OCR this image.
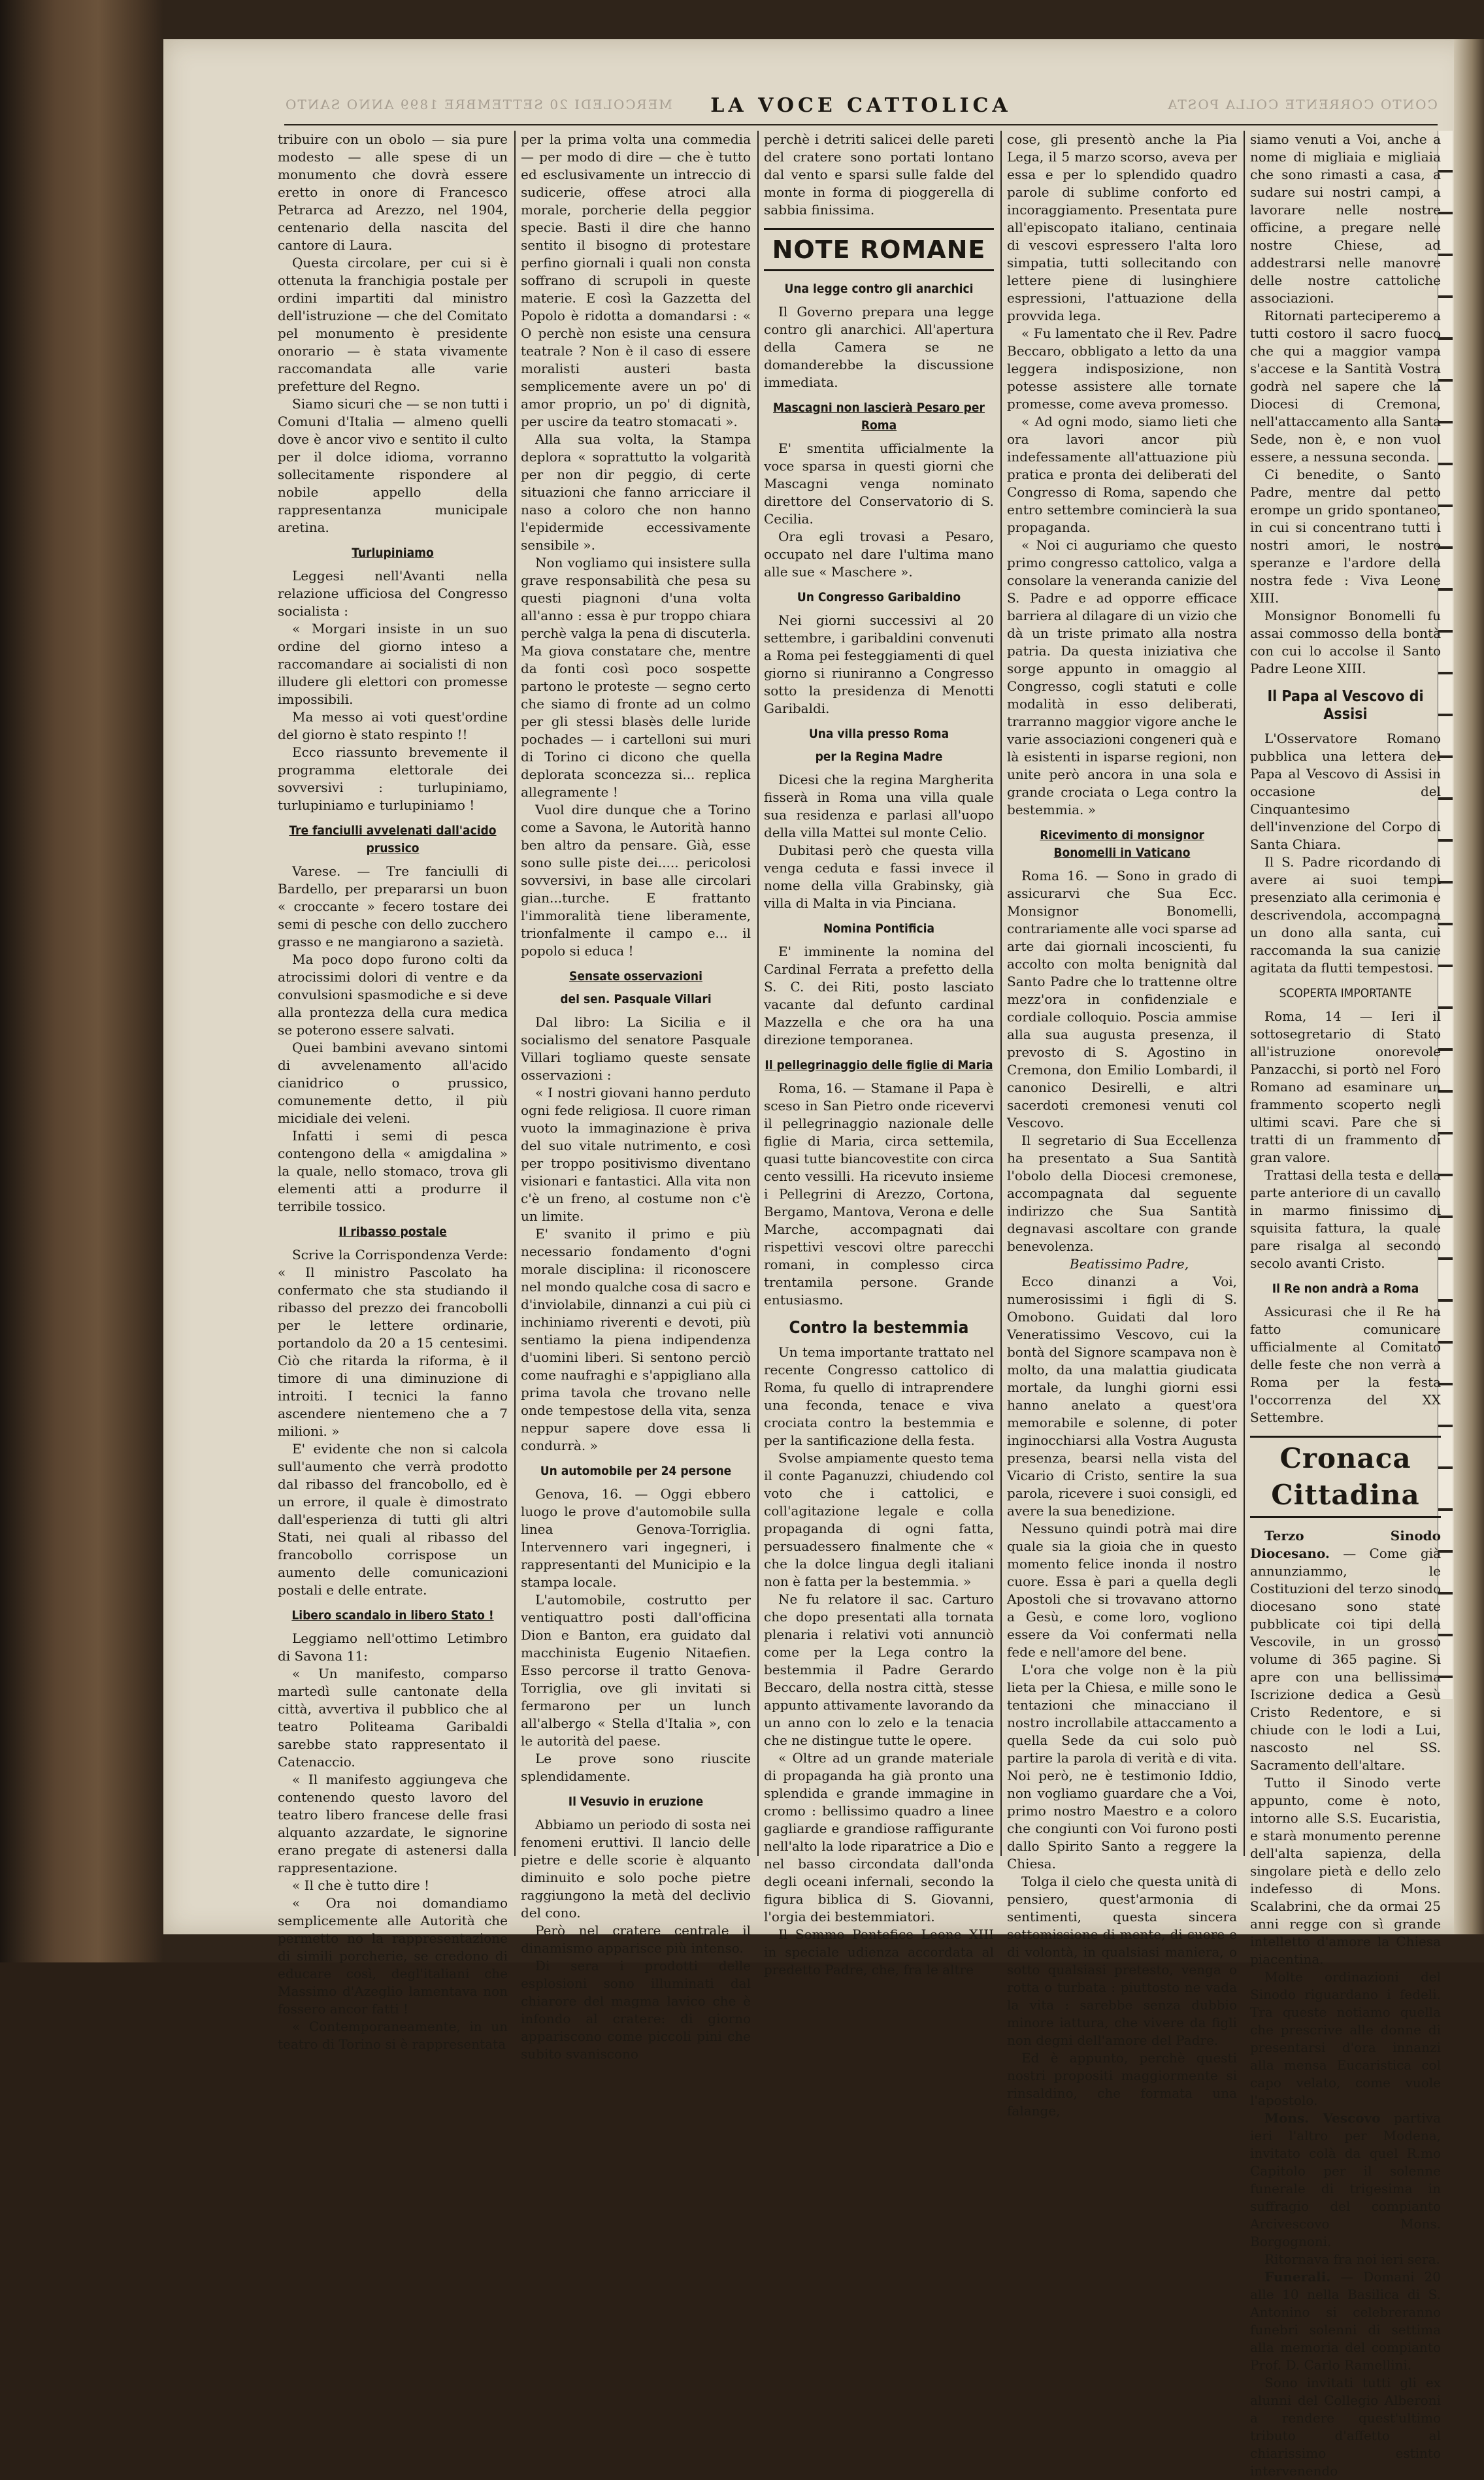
MERCOLEDI 20 SETTEMBRE 1899 ANNO SANTO	LA VOCE CATTOLICA	CONTO CORRENTE COLLA POSTA

tribuire con un obolo — sia pure modesto — alle spese di un monumento che dovrà essere eretto in onore di Francesco Petrarca ad Arezzo, nel 1904, centenario della nascita del cantore di Laura.

Questa circolare, per cui si è ottenuta la franchigia postale per ordini impartiti dal ministro dell'istruzione — che del Comitato pel monumento è presidente onorario — è stata vivamente raccomandata alle varie prefetture del Regno.

Siamo sicuri che — se non tutti i Comuni d'Italia — almeno quelli dove è ancor vivo e sentito il culto per il dolce idioma, vorranno sollecitamente rispondere al nobile appello della rappresentanza municipale aretina.

Turlupiniamo

Leggesi nell'Avanti nella relazione ufficiosa del Congresso socialista :

« Morgari insiste in un suo ordine del giorno inteso a raccomandare ai socialisti di non illudere gli elettori con promesse impossibili.

Ma messo ai voti quest'ordine del giorno è stato respinto !!

Ecco riassunto brevemente il programma elettorale dei sovversivi : turlupiniamo, turlupiniamo e turlupiniamo !

Tre fanciulli avvelenati dall'acido prussico

Varese. — Tre fanciulli di Bardello, per prepararsi un buon « croccante » fecero tostare dei semi di pesche con dello zucchero grasso e ne mangiarono a sazietà.

Ma poco dopo furono colti da atrocissimi dolori di ventre e da convulsioni spasmodiche e si deve alla prontezza della cura medica se poterono essere salvati.

Quei bambini avevano sintomi di avvelenamento all'acido cianidrico o prussico, comunemente detto, il più micidiale dei veleni.

Infatti i semi di pesca contengono della « amigdalina » la quale, nello stomaco, trova gli elementi atti a produrre il terribile tossico.

Il ribasso postale

Scrive la Corrispondenza Verde: « Il ministro Pascolato ha confermato che sta studiando il ribasso del prezzo dei francobolli per le lettere ordinarie, portandolo da 20 a 15 centesimi. Ciò che ritarda la riforma, è il timore di una diminuzione di introiti. I tecnici la fanno ascendere nientemeno che a 7 milioni. »

E' evidente che non si calcola sull'aumento che verrà prodotto dal ribasso del francobollo, ed è un errore, il quale è dimostrato dall'esperienza di tutti gli altri Stati, nei quali al ribasso del francobollo corrispose un aumento delle comunicazioni postali e delle entrate.

Libero scandalo in libero Stato !

Leggiamo nell'ottimo Letimbro di Savona 11:

« Un manifesto, comparso martedì sulle cantonate della città, avvertiva il pubblico che al teatro Politeama Garibaldi sarebbe stato rappresentato il Catenaccio.

« Il manifesto aggiungeva che contenendo questo lavoro del teatro libero francese delle frasi alquanto azzardate, le signorine erano pregate di astenersi dalla rappresentazione.

« Il che è tutto dire !

« Ora noi domandiamo semplicemente alle Autorità che permetto no la rappresentazione di simili porcherie, se credono di educare così, degl'italiani che Massimo d'Azeglio lamentava non fossero ancor fatti !

« Contemporaneamente, in un teatro di Torino si è rappresentata

per la prima volta una commedia — per modo di dire — che è tutto ed esclusivamente un intreccio di sudicerie, offese atroci alla morale, porcherie della peggior specie. Basti il dire che hanno sentito il bisogno di protestare perfino giornali i quali non consta soffrano di scrupoli in queste materie. E così la Gazzetta del Popolo è ridotta a domandarsi : « O perchè non esiste una censura teatrale ? Non è il caso di essere moralisti austeri basta semplicemente avere un po' di amor proprio, un po' di dignità, per uscire da teatro stomacati ».

Alla sua volta, la Stampa deplora « soprattutto la volgarità per non dir peggio, di certe situazioni che fanno arricciare il naso a coloro che non hanno l'epidermide eccessivamente sensibile ».

Non vogliamo qui insistere sulla grave responsabilità che pesa su questi piagnoni d'una volta all'anno : essa è pur troppo chiara perchè valga la pena di discuterla. Ma giova constatare che, mentre da fonti così poco sospette partono le proteste — segno certo che siamo di fronte ad un colmo per gli stessi blasès delle luride pochades — i cartelloni sui muri di Torino ci dicono che quella deplorata sconcezza si... replica allegramente !

Vuol dire dunque che a Torino come a Savona, le Autorità hanno ben altro da pensare. Già, esse sono sulle piste dei..... pericolosi sovversivi, in base alle circolari gian...turche. E frattanto l'immoralità tiene liberamente, trionfalmente il campo e... il popolo si educa !

Sensate osservazioni
del sen. Pasquale Villari

Dal libro: La Sicilia e il socialismo del senatore Pasquale Villari togliamo queste sensate osservazioni :

« I nostri giovani hanno perduto ogni fede religiosa. Il cuore riman vuoto la immaginazione è priva del suo vitale nutrimento, e così per troppo positivismo diventano visionari e fantastici. Alla vita non c'è un freno, al costume non c'è un limite.

E' svanito il primo e più necessario fondamento d'ogni morale disciplina: il riconoscere nel mondo qualche cosa di sacro e d'inviolabile, dinnanzi a cui più ci inchiniamo riverenti e devoti, più sentiamo la piena indipendenza d'uomini liberi. Si sentono perciò come naufraghi e s'appigliano alla prima tavola che trovano nelle onde tempestose della vita, senza neppur sapere dove essa li condurrà. »

Un automobile per 24 persone

Genova, 16. — Oggi ebbero luogo le prove d'automobile sulla linea Genova-Torriglia. Intervennero vari ingegneri, i rappresentanti del Municipio e la stampa locale.

L'automobile, costrutto per ventiquattro posti dall'officina Dion e Banton, era guidato dal macchinista Eugenio Nitaefien. Esso percorse il tratto Genova-Torriglia, ove gli invitati si fermarono per un lunch all'albergo « Stella d'Italia », con le autorità del paese.

Le prove sono riuscite splendidamente.

Il Vesuvio in eruzione

Abbiamo un periodo di sosta nei fenomeni eruttivi. Il lancio delle pietre e delle scorie è alquanto diminuito e solo poche pietre raggiungono la metà del declivio del cono.

Però nel cratere centrale il dinamismo apparisce più intenso.

Di sera i prodotti delle esplosioni sono illuminati dal chiarore del magma lavico che è infondo al cratere: di giorno appariscono come piccoli pini che subito svaniscono

perchè i detriti salicei delle pareti del cratere sono portati lontano dal vento e sparsi sulle falde del monte in forma di pioggerella di sabbia finissima.

NOTE ROMANE
Una legge contro gli anarchici

Il Governo prepara una legge contro gli anarchici. All'apertura della Camera se ne domanderebbe la discussione immediata.

Mascagni non lascierà Pesaro per Roma

E' smentita ufficialmente la voce sparsa in questi giorni che Mascagni venga nominato direttore del Conservatorio di S. Cecilia.

Ora egli trovasi a Pesaro, occupato nel dare l'ultima mano alle sue « Maschere ».

Un Congresso Garibaldino

Nei giorni successivi al 20 settembre, i garibaldini convenuti a Roma pei festeggiamenti di quel giorno si riuniranno a Congresso sotto la presidenza di Menotti Garibaldi.

Una villa presso Roma
per la Regina Madre

Dicesi che la regina Margherita fisserà in Roma una villa quale sua residenza e parlasi all'uopo della villa Mattei sul monte Celio.

Dubitasi però che questa villa venga ceduta e fassi invece il nome della villa Grabinsky, già villa di Malta in via Pinciana.

Nomina Pontificia

E' imminente la nomina del Cardinal Ferrata a prefetto della S. C. dei Riti, posto lasciato vacante dal defunto cardinal Mazzella e che ora ha una direzione temporanea.

Il pellegrinaggio delle figlie di Maria

Roma, 16. — Stamane il Papa è sceso in San Pietro onde ricevervi il pellegrinaggio nazionale delle figlie di Maria, circa settemila, quasi tutte biancovestite con circa cento vessilli. Ha ricevuto insieme i Pellegrini di Arezzo, Cortona, Bergamo, Mantova, Verona e delle Marche, accompagnati dai rispettivi vescovi oltre parecchi romani, in complesso circa trentamila persone. Grande entusiasmo.

Contro la bestemmia

Un tema importante trattato nel recente Congresso cattolico di Roma, fu quello di intraprendere una feconda, tenace e viva crociata contro la bestemmia e per la santificazione della festa.

Svolse ampiamente questo tema il conte Paganuzzi, chiudendo col voto che i cattolici, e coll'agitazione legale e colla propaganda di ogni fatta, persuadessero finalmente che « che la dolce lingua degli italiani non è fatta per la bestemmia. »

Ne fu relatore il sac. Carturo che dopo presentati alla tornata plenaria i relativi voti annunciò come per la Lega contro la bestemmia il Padre Gerardo Beccaro, della nostra città, stesse appunto attivamente lavorando da un anno con lo zelo e la tenacia che ne distingue tutte le opere.

« Oltre ad un grande materiale di propaganda ha già pronto una splendida e grande immagine in cromo : bellissimo quadro a linee gagliarde e grandiose raffigurante nell'alto la lode riparatrice a Dio e nel basso circondata dall'onda degli oceani infernali, secondo la figura biblica di S. Giovanni, l'orgia dei bestemmiatori.

Il Sommo Pontefice Leone XIII in speciale udienza accordata al predetto Padre, che, fra le altre

cose, gli presentò anche la Pia Lega, il 5 marzo scorso, aveva per essa e per lo splendido quadro parole di sublime conforto ed incoraggiamento. Presentata pure all'episcopato italiano, centinaia di vescovi espressero l'alta loro simpatia, tutti sollecitando con lettere piene di lusinghiere espressioni, l'attuazione della provvida lega.

« Fu lamentato che il Rev. Padre Beccaro, obbligato a letto da una leggera indisposizione, non potesse assistere alle tornate promesse, come aveva promesso.

« Ad ogni modo, siamo lieti che ora lavori ancor più indefessamente all'attuazione più pratica e pronta dei deliberati del Congresso di Roma, sapendo che entro settembre comincierà la sua propaganda.

« Noi ci auguriamo che questo primo congresso cattolico, valga a consolare la veneranda canizie del S. Padre e ad opporre efficace barriera al dilagare di un vizio che dà un triste primato alla nostra patria. Da questa iniziativa che sorge appunto in omaggio al Congresso, cogli statuti e colle modalità in esso deliberati, trarranno maggior vigore anche le varie associazioni congeneri quà e là esistenti in isparse regioni, non unite però ancora in una sola e grande crociata o Lega contro la bestemmia. »

Ricevimento di monsignor Bonomelli in Vaticano

Roma 16. — Sono in grado di assicurarvi che Sua Ecc. Monsignor Bonomelli, contrariamente alle voci sparse ad arte dai giornali incoscienti, fu accolto con molta benignità dal Santo Padre che lo trattenne oltre mezz'ora in confidenziale e cordiale colloquio. Poscia ammise alla sua augusta presenza, il prevosto di S. Agostino in Cremona, don Emilio Lombardi, il canonico Desirelli, e altri sacerdoti cremonesi venuti col Vescovo.

Il segretario di Sua Eccellenza ha presentato a Sua Santità l'obolo della Diocesi cremonese, accompagnata dal seguente indirizzo che Sua Santità degnavasi ascoltare con grande benevolenza.

Beatissimo Padre,

Ecco dinanzi a Voi, numerosissimi i figli di S. Omobono. Guidati dal loro Veneratissimo Vescovo, cui la bontà del Signore scampava non è molto, da una malattia giudicata mortale, da lunghi giorni essi hanno anelato a quest'ora memorabile e solenne, di poter inginocchiarsi alla Vostra Augusta presenza, bearsi nella vista del Vicario di Cristo, sentire la sua parola, ricevere i suoi consigli, ed avere la sua benedizione.

Nessuno quindi potrà mai dire quale sia la gioia che in questo momento felice inonda il nostro cuore. Essa è pari a quella degli Apostoli che si trovavano attorno a Gesù, e come loro, vogliono essere da Voi confermati nella fede e nell'amore del bene.

L'ora che volge non è la più lieta per la Chiesa, e mille sono le tentazioni che minacciano il nostro incrollabile attaccamento a quella Sede da cui solo può partire la parola di verità e di vita. Noi però, ne è testimonio Iddio, non vogliamo guardare che a Voi, primo nostro Maestro e a coloro che congiunti con Voi furono posti dallo Spirito Santo a reggere la Chiesa.

Tolga il cielo che questa unità di pensiero, quest'armonia di sentimenti, questa sincera sottomissione di mente, di cuore e di volontà, in qualsiasi maniera, o sotto qualsiasi pretesto, venga o rotta o turbata : piuttosto ne vada la vita : sarebbe senza dubbio minore iattura, che vivere da figli non degni dell'amore del Padre.

Ed è appunto, perchè questi nostri propositi maggiormente si rinsaldino, che formata una falange,

siamo venuti a Voi, anche a nome di migliaia e migliaia che sono rimasti a casa, a sudare sui nostri campi, a lavorare nelle nostre officine, a pregare nelle nostre Chiese, ad addestrarsi nelle manovre delle nostre cattoliche associazioni.

Ritornati parteciperemo a tutti costoro il sacro fuoco che qui a maggior vampa s'accese e la Santità Vostra godrà nel sapere che la Diocesi di Cremona, nell'attaccamento alla Santa Sede, non è, e non vuol essere, a nessuna seconda.

Ci benedite, o Santo Padre, mentre dal petto erompe un grido spontaneo, in cui si concentrano tutti i nostri amori, le nostre speranze e l'ardore della nostra fede : Viva Leone XIII.

Monsignor Bonomelli fu assai commosso della bontà con cui lo accolse il Santo Padre Leone XIII.

Il Papa al Vescovo di Assisi

L'Osservatore Romano pubblica una lettera del Papa al Vescovo di Assisi in occasione del Cinquantesimo dell'invenzione del Corpo di Santa Chiara.

Il S. Padre ricordando di avere ai suoi tempi presenziato alla cerimonia e descrivendola, accompagna un dono alla santa, cui raccomanda la sua canizie agitata da flutti tempestosi.

SCOPERTA IMPORTANTE

Roma, 14 — Ieri il sottosegretario di Stato all'istruzione onorevole Panzacchi, si portò nel Foro Romano ad esaminare un frammento scoperto negli ultimi scavi. Pare che si tratti di un frammento di gran valore.

Trattasi della testa e della parte anteriore di un cavallo in marmo finissimo di squisita fattura, la quale pare risalga al secondo secolo avanti Cristo.

Il Re non andrà a Roma

Assicurasi che il Re ha fatto comunicare ufficialmente al Comitato delle feste che non verrà a Roma per la festa l'occorrenza del XX Settembre.

Cronaca Cittadina

Terzo Sinodo Diocesano. — Come già annunziammo, le Costituzioni del terzo sinodo diocesano sono state pubblicate coi tipi della Vescovile, in un grosso volume di 365 pagine. Si apre con una bellissima Iscrizione dedica a Gesù Cristo Redentore, e si chiude con le lodi a Lui, nascosto nel SS. Sacramento dell'altare.

Tutto il Sinodo verte appunto, come è noto, intorno alle S.S. Eucaristia, e starà monumento perenne dell'alta sapienza, della singolare pietà e dello zelo indefesso di Mons. Scalabrini, che da ormai 25 anni regge con sì grande intelletto d'amore la Chiesa piacentina.

Molte ordinazioni del Sinodo riguardano i fedeli. Tra queste notiamo quella che prescrive alle donne di presentarsi d'ora innanzi alla mensa Eucaristica col capo velato, come vuole l'apostolo.

Mons. Vescovo partiva ieri l'altro per Modena, invitato colà da quel R.mo Capitolo per il solenne funerale di trigesima in suffragio del compianto Arcivescovo Mons. Borgognoni.

Ritornava fra noi ieri sera.

Funerali. — Domani 20 alle 10 nella Basilica di S. Antonino si celebreranno funebri solenni di settima alla memoria del compianto Prof. D. Carlo Ramellini.

Sono invitati tutti gli ex alunni del Collegio Alberoni a rendere quest'ultimo tributo d'affetto al chiarissimo estinto intervenendo
